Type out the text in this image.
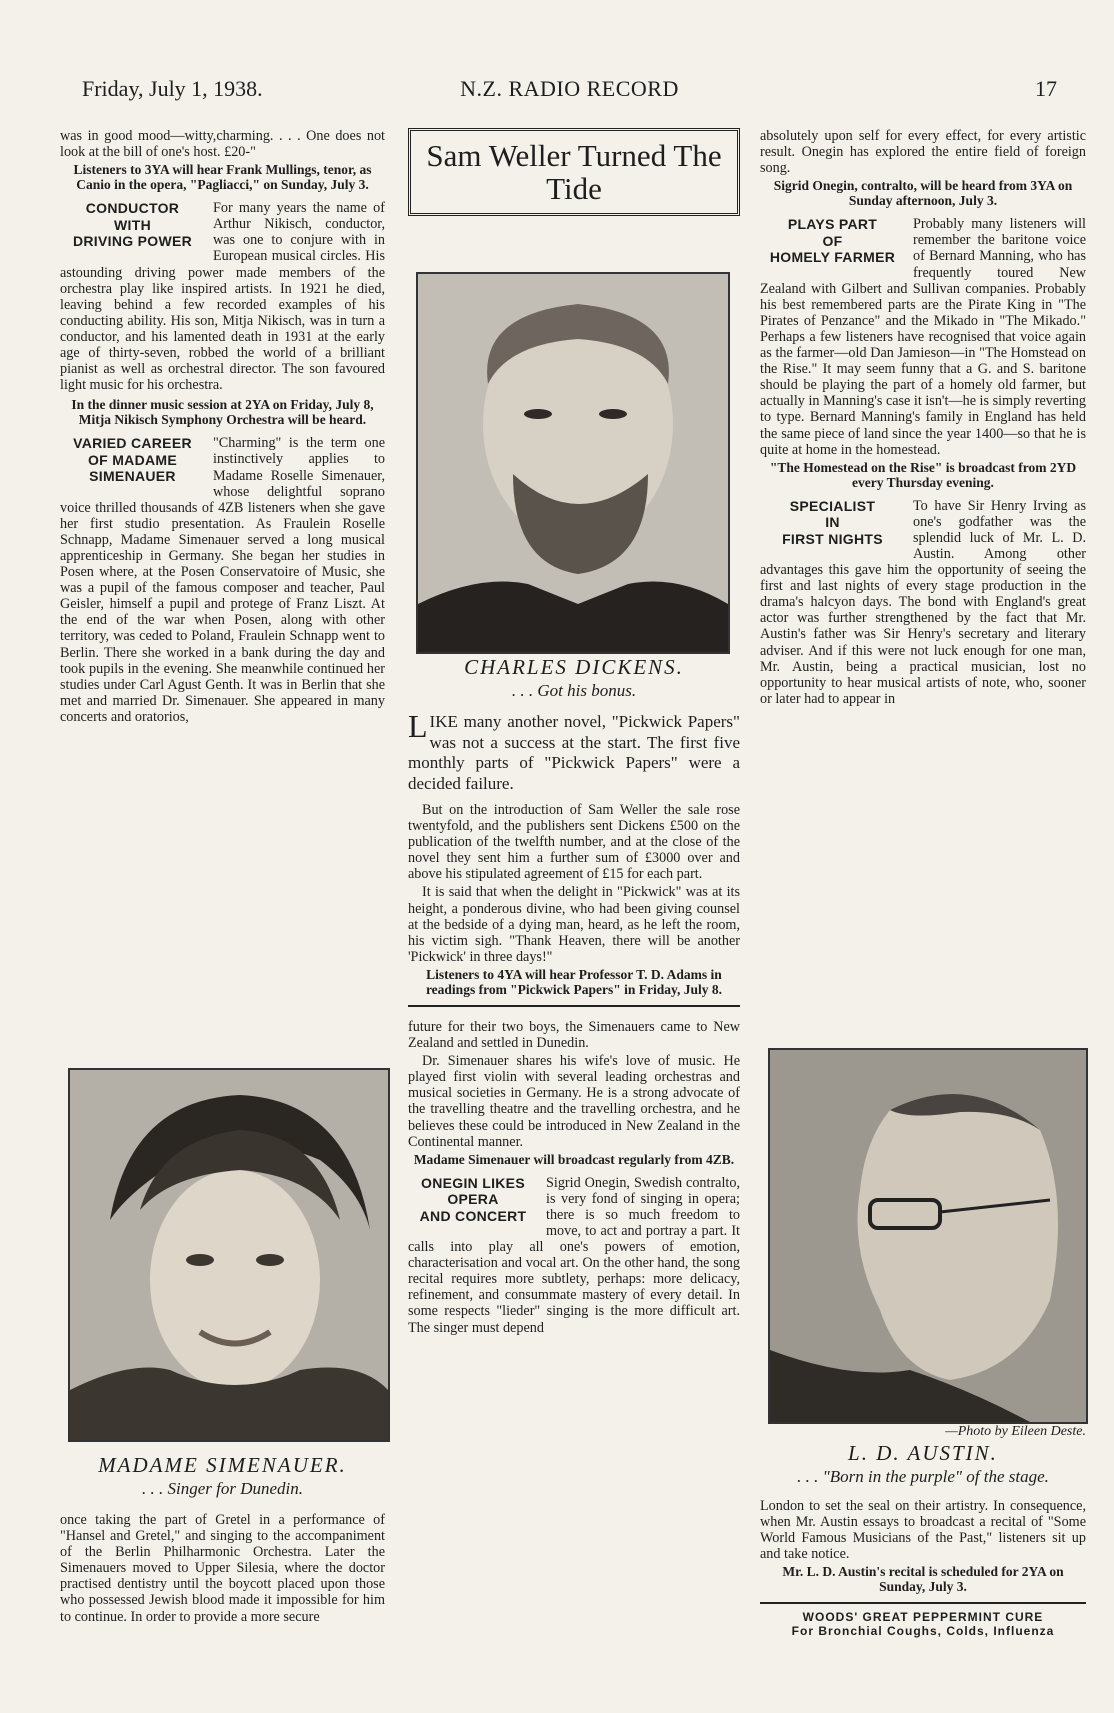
Friday, July 1, 1938.	N.Z. RADIO RECORD	17

was in good mood—witty,charming. . . . One does not look at the bill of one's host. £20-"

Listeners to 3YA will hear Frank Mullings, tenor, as Canio in the opera, "Pagliacci," on Sunday, July 3.
CONDUCTOR
WITH
DRIVING POWER

For many years the name of Arthur Nikisch, conductor, was one to conjure with in European musical circles. His astounding driving power made members of the orchestra play like inspired artists. In 1921 he died, leaving behind a few recorded examples of his conducting ability. His son, Mitja Nikisch, was in turn a conductor, and his lamented death in 1931 at the early age of thirty-seven, robbed the world of a brilliant pianist as well as orchestral director. The son favoured light music for his orchestra.

In the dinner music session at 2YA on Friday, July 8, Mitja Nikisch Symphony Orchestra will be heard.
VARIED CAREER
OF MADAME
SIMENAUER

"Charming" is the term one instinctively applies to Madame Roselle Simenauer, whose delightful soprano voice thrilled thousands of 4ZB listeners when she gave her first studio presentation. As Fraulein Roselle Schnapp, Madame Simenauer served a long musical apprenticeship in Germany. She began her studies in Posen where, at the Posen Conservatoire of Music, she was a pupil of the famous composer and teacher, Paul Geisler, himself a pupil and protege of Franz Liszt. At the end of the war when Posen, along with other territory, was ceded to Poland, Fraulein Schnapp went to Berlin. There she worked in a bank during the day and took pupils in the evening. She meanwhile continued her studies under Carl Agust Genth. It was in Berlin that she met and married Dr. Simenauer. She appeared in many concerts and oratorios,

MADAME SIMENAUER.
. . . Singer for Dunedin.

once taking the part of Gretel in a performance of "Hansel and Gretel," and singing to the accompaniment of the Berlin Philharmonic Orchestra. Later the Simenauers moved to Upper Silesia, where the doctor practised dentistry until the boycott placed upon those who possessed Jewish blood made it impossible for him to continue. In order to provide a more secure

Sam Weller Turned The Tide
CHARLES DICKENS.
. . . Got his bonus.
LIKE many another novel, "Pickwick Papers" was not a success at the start. The first five monthly parts of "Pickwick Papers" were a decided failure.

But on the introduction of Sam Weller the sale rose twentyfold, and the publishers sent Dickens £500 on the publication of the twelfth number, and at the close of the novel they sent him a further sum of £3000 over and above his stipulated agreement of £15 for each part.

It is said that when the delight in "Pickwick" was at its height, a ponderous divine, who had been giving counsel at the bedside of a dying man, heard, as he left the room, his victim sigh. "Thank Heaven, there will be another 'Pickwick' in three days!"

Listeners to 4YA will hear Professor T. D. Adams in readings from "Pickwick Papers" in Friday, July 8.

future for their two boys, the Simenauers came to New Zealand and settled in Dunedin.

Dr. Simenauer shares his wife's love of music. He played first violin with several leading orchestras and musical societies in Germany. He is a strong advocate of the travelling theatre and the travelling orchestra, and he believes these could be introduced in New Zealand in the Continental manner.

Madame Simenauer will broadcast regularly from 4ZB.
ONEGIN LIKES
OPERA
AND CONCERT

Sigrid Onegin, Swedish contralto, is very fond of singing in opera; there is so much freedom to move, to act and portray a part. It calls into play all one's powers of emotion, characterisation and vocal art. On the other hand, the song recital requires more subtlety, perhaps: more delicacy, refinement, and consummate mastery of every detail. In some respects "lieder" singing is the more difficult art. The singer must depend

absolutely upon self for every effect, for every artistic result. Onegin has explored the entire field of foreign song.

Sigrid Onegin, contralto, will be heard from 3YA on Sunday afternoon, July 3.
PLAYS PART
OF
HOMELY FARMER

Probably many listeners will remember the baritone voice of Bernard Manning, who has frequently toured New Zealand with Gilbert and Sullivan companies. Probably his best remembered parts are the Pirate King in "The Pirates of Penzance" and the Mikado in "The Mikado." Perhaps a few listeners have recognised that voice again as the farmer—old Dan Jamieson—in "The Homstead on the Rise." It may seem funny that a G. and S. baritone should be playing the part of a homely old farmer, but actually in Manning's case it isn't—he is simply reverting to type. Bernard Manning's family in England has held the same piece of land since the year 1400—so that he is quite at home in the homestead.

"The Homestead on the Rise" is broadcast from 2YD every Thursday evening.
SPECIALIST
IN
FIRST NIGHTS

To have Sir Henry Irving as one's godfather was the splendid luck of Mr. L. D. Austin. Among other advantages this gave him the opportunity of seeing the first and last nights of every stage production in the drama's halcyon days. The bond with England's great actor was further strengthened by the fact that Mr. Austin's father was Sir Henry's secretary and literary adviser. And if this were not luck enough for one man, Mr. Austin, being a practical musician, lost no opportunity to hear musical artists of note, who, sooner or later had to appear in

—Photo by Eileen Deste.
L. D. AUSTIN.
. . . "Born in the purple" of the stage.

London to set the seal on their artistry. In consequence, when Mr. Austin essays to broadcast a recital of "Some World Famous Musicians of the Past," listeners sit up and take notice.

Mr. L. D. Austin's recital is scheduled for 2YA on Sunday, July 3.
WOODS' GREAT PEPPERMINT CURE
For Bronchial Coughs, Colds, Influenza
